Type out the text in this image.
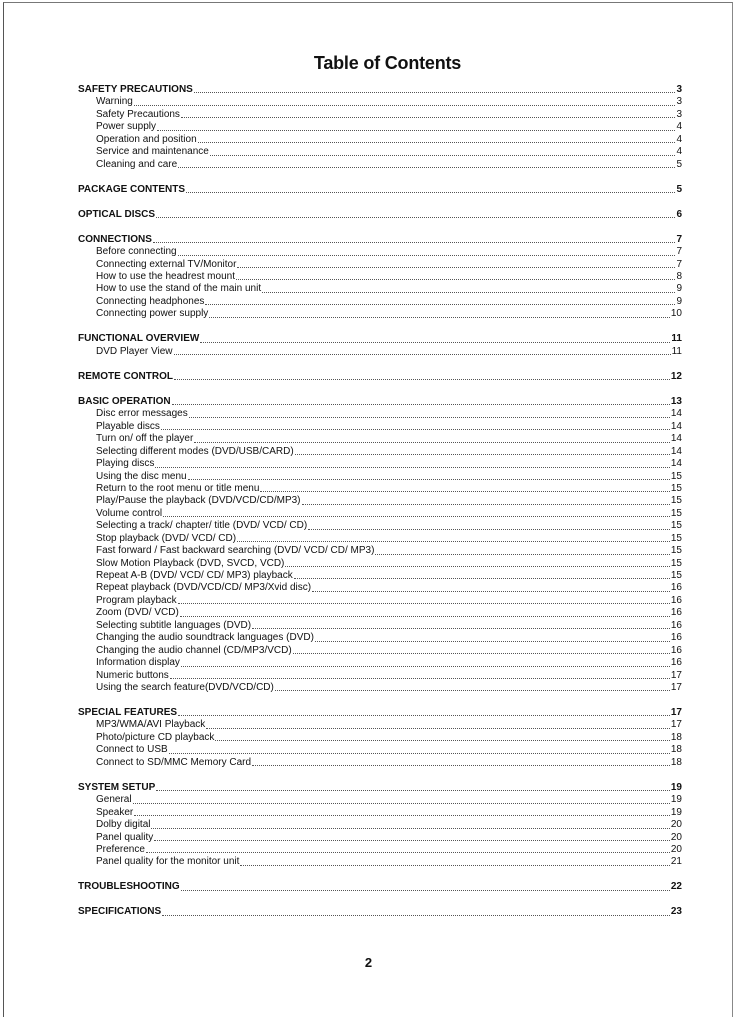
Table of Contents
SAFETY PRECAUTIONS	3
Warning	3
Safety Precautions	3
Power supply	4
Operation and position	4
Service and maintenance	4
Cleaning and care	5
PACKAGE CONTENTS	5
OPTICAL DISCS	6
CONNECTIONS	7
Before connecting	7
Connecting external TV/Monitor	7
How to use the headrest mount	8
How to use the stand of the main unit	9
Connecting headphones	9
Connecting power supply	10
FUNCTIONAL OVERVIEW	11
DVD Player View	11
REMOTE CONTROL	12
BASIC OPERATION	13
Disc error messages	14
Playable discs	14
Turn on/ off the player	14
Selecting different modes (DVD/USB/CARD)	14
Playing discs	14
Using the disc menu	15
Return to the root menu or title menu	15
Play/Pause the playback (DVD/VCD/CD/MP3)	15
Volume control	15
Selecting a track/ chapter/ title (DVD/ VCD/ CD)	15
Stop playback (DVD/ VCD/ CD)	15
Fast forward / Fast backward searching (DVD/ VCD/ CD/ MP3)	15
Slow Motion Playback (DVD, SVCD, VCD)	15
Repeat A-B (DVD/ VCD/ CD/ MP3) playback	15
Repeat playback (DVD/VCD/CD/ MP3/Xvid disc)	16
Program playback	16
Zoom (DVD/ VCD)	16
Selecting subtitle languages (DVD)	16
Changing the audio soundtrack languages (DVD)	16
Changing the audio channel (CD/MP3/VCD)	16
Information display	16
Numeric buttons	17
Using the search feature(DVD/VCD/CD)	17
SPECIAL FEATURES	17
MP3/WMA/AVI Playback	17
Photo/picture CD playback	18
Connect to USB	18
Connect to SD/MMC Memory Card	18
SYSTEM SETUP	19
General	19
Speaker	19
Dolby digital	20
Panel quality	20
Preference	20
Panel quality for the monitor unit	21
TROUBLESHOOTING	22
SPECIFICATIONS	23
2
